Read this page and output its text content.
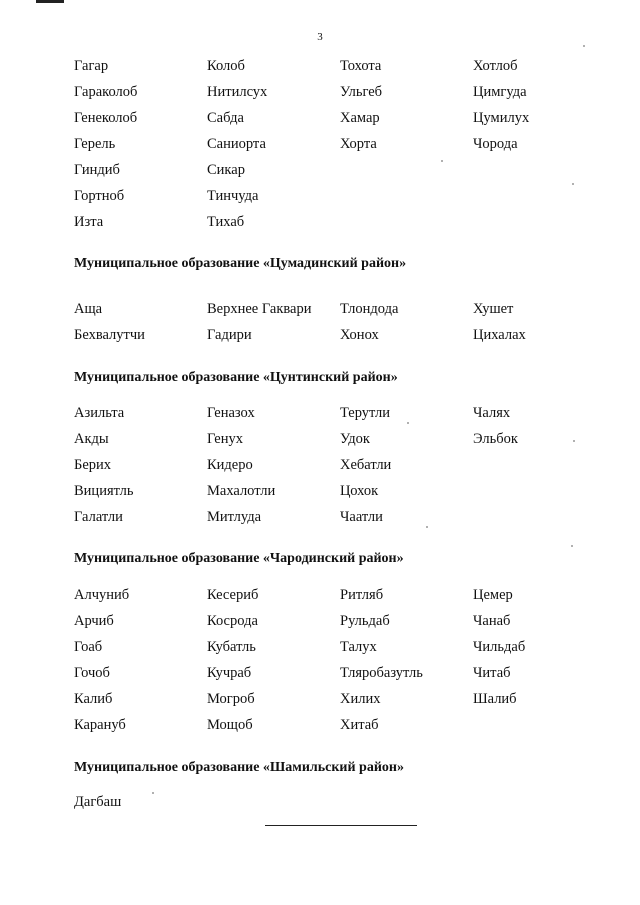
3
Гагар
Гараколоб
Генеколоб
Герель
Гиндиб
Гортноб
Изта
Колоб
Нитилсух
Сабда
Саниорта
Сикар
Тинчуда
Тихаб
Тохота
Ульгеб
Хамар
Хорта
Хотлоб
Цимгуда
Цумилух
Чорода
Муниципальное образование «Цумадинский район»
Аща
Бехвалутчи
Верхнее Гаквари
Гадири
Тлондода
Хонох
Хушет
Цихалах
Муниципальное образование «Цунтинский район»
Азильта
Акды
Берих
Вициятль
Галатли
Геназох
Генух
Кидеро
Махалотли
Митлуда
Терутли
Удок
Хебатли
Цохок
Чаатли
Чалях
Эльбок
Муниципальное образование «Чародинский район»
Алчуниб
Арчиб
Гоаб
Гочоб
Калиб
Карануб
Кесериб
Косрода
Кубатль
Кучраб
Могроб
Мощоб
Ритляб
Рульдаб
Талух
Тляробазутль
Хилих
Хитаб
Цемер
Чанаб
Чильдаб
Читаб
Шалиб
Муниципальное образование «Шамильский район»
Дагбаш
